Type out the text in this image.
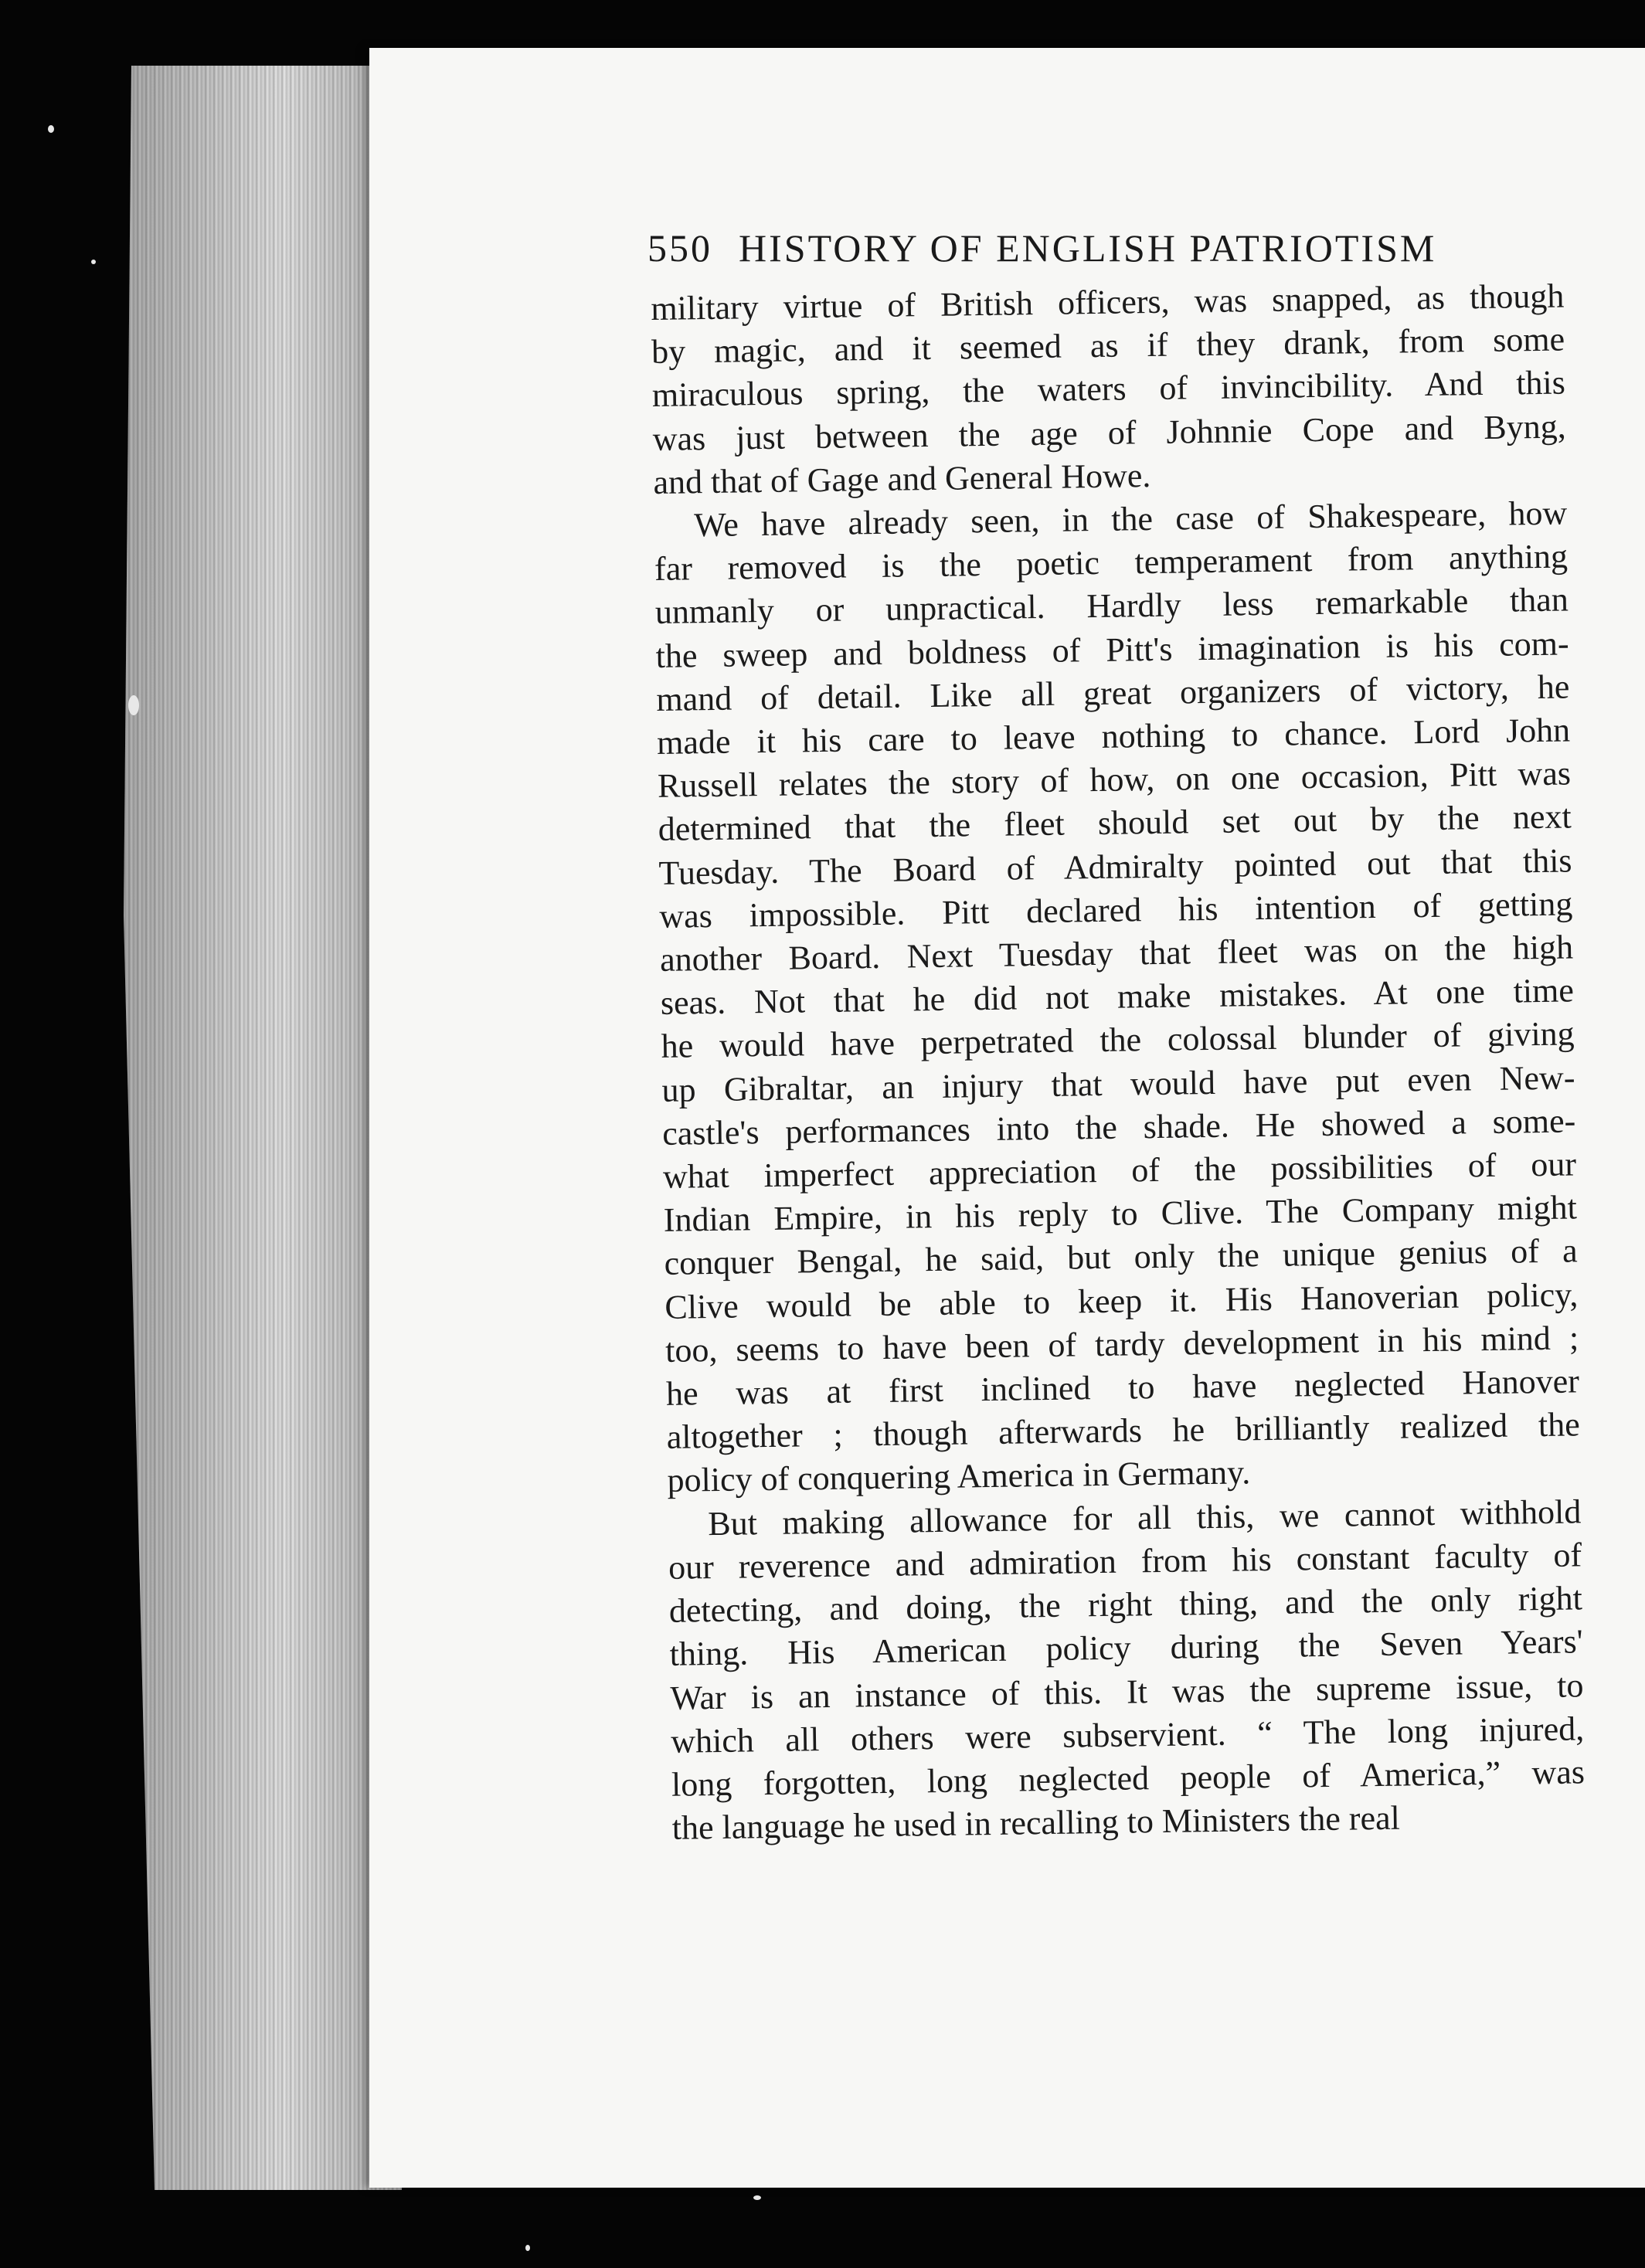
550 HISTORY OF ENGLISH PATRIOTISM
military virtue of British officers, was snapped, as though
by magic, and it seemed as if they drank, from some
miraculous spring, the waters of invincibility. And this
was just between the age of Johnnie Cope and Byng,
and that of Gage and General Howe.
We have already seen, in the case of Shakespeare, how
far removed is the poetic temperament from anything
unmanly or unpractical. Hardly less remarkable than
the sweep and boldness of Pitt's imagination is his com-
mand of detail. Like all great organizers of victory, he
made it his care to leave nothing to chance. Lord John
Russell relates the story of how, on one occasion, Pitt was
determined that the fleet should set out by the next
Tuesday. The Board of Admiralty pointed out that this
was impossible. Pitt declared his intention of getting
another Board. Next Tuesday that fleet was on the high
seas. Not that he did not make mistakes. At one time
he would have perpetrated the colossal blunder of giving
up Gibraltar, an injury that would have put even New-
castle's performances into the shade. He showed a some-
what imperfect appreciation of the possibilities of our
Indian Empire, in his reply to Clive. The Company might
conquer Bengal, he said, but only the unique genius of a
Clive would be able to keep it. His Hanoverian policy,
too, seems to have been of tardy development in his mind ;
he was at first inclined to have neglected Hanover
altogether ; though afterwards he brilliantly realized the
policy of conquering America in Germany.
But making allowance for all this, we cannot withhold
our reverence and admiration from his constant faculty of
detecting, and doing, the right thing, and the only right
thing. His American policy during the Seven Years'
War is an instance of this. It was the supreme issue, to
which all others were subservient. “ The long injured,
long forgotten, long neglected people of America,” was
the language he used in recalling to Ministers the real
